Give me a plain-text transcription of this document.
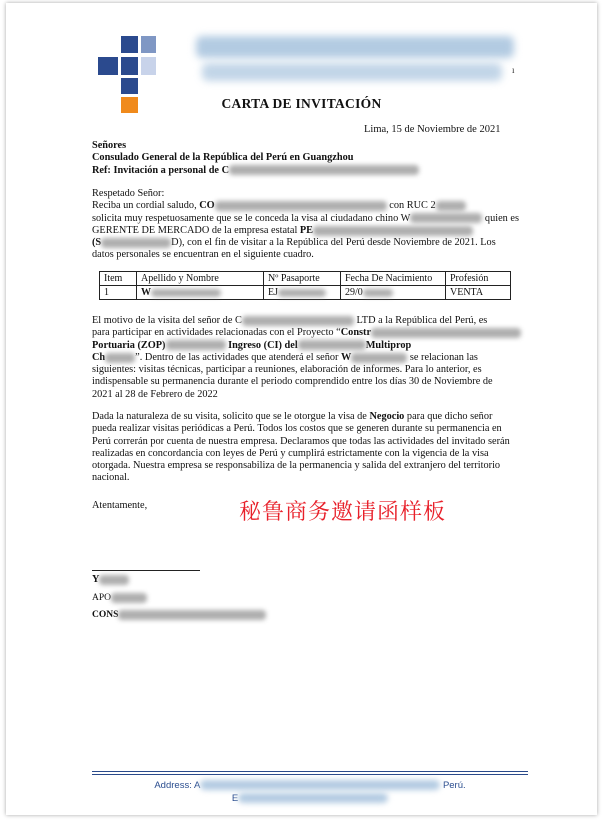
ı
CARTA DE INVITACIÓN
Lima, 15 de Noviembre de 2021
Señores
Consulado General de la República del Perú en Guangzhou
Ref: Invitación a personal de C
Respetado Señor:
Reciba un cordial saludo, CO	con RUC 2
solicita muy respetuosamente que se le conceda la visa al ciudadano chino W	quien es
GERENTE DE MERCADO de la empresa estatal PE
(S	D), con el fin de visitar a la República del Perú desde Noviembre de 2021. Los
datos personales se encuentran en el siguiente cuadro.
Item	Apellido y Nombre	Nº Pasaporte	Fecha De Nacimiento	Profesión
1	W	EJ	29/0	VENTA
El motivo de la visita del señor de C	LTD a la República del Perú, es
para participar en actividades relacionadas con el Proyecto “Constr
Portuaria (ZOP)	Ingreso (CI) del	Multiprop
Ch	”. Dentro de las actividades que atenderá el señor W	se relacionan las
siguientes: visitas técnicas, participar a reuniones, elaboración de informes. Para lo anterior, es
indispensable su permanencia durante el periodo comprendido entre los días 30 de Noviembre de
2021 al 28 de Febrero de 2022
Dada la naturaleza de su visita, solicito que se le otorgue la visa de Negocio para que dicho señor
pueda realizar visitas periódicas a Perú. Todos los costos que se generen durante su permanencia en
Perú correrán por cuenta de nuestra empresa. Declaramos que todas las actividades del invitado serán
realizadas en concordancia con leyes de Perú y cumplirá estrictamente con la vigencia de la visa
otorgada. Nuestra empresa se responsabiliza de la permanencia y salida del extranjero del territorio
nacional.
Atentamente,	秘鲁商务邀请函样板
Y
APO
CONS
Address: A	Perú.
E
